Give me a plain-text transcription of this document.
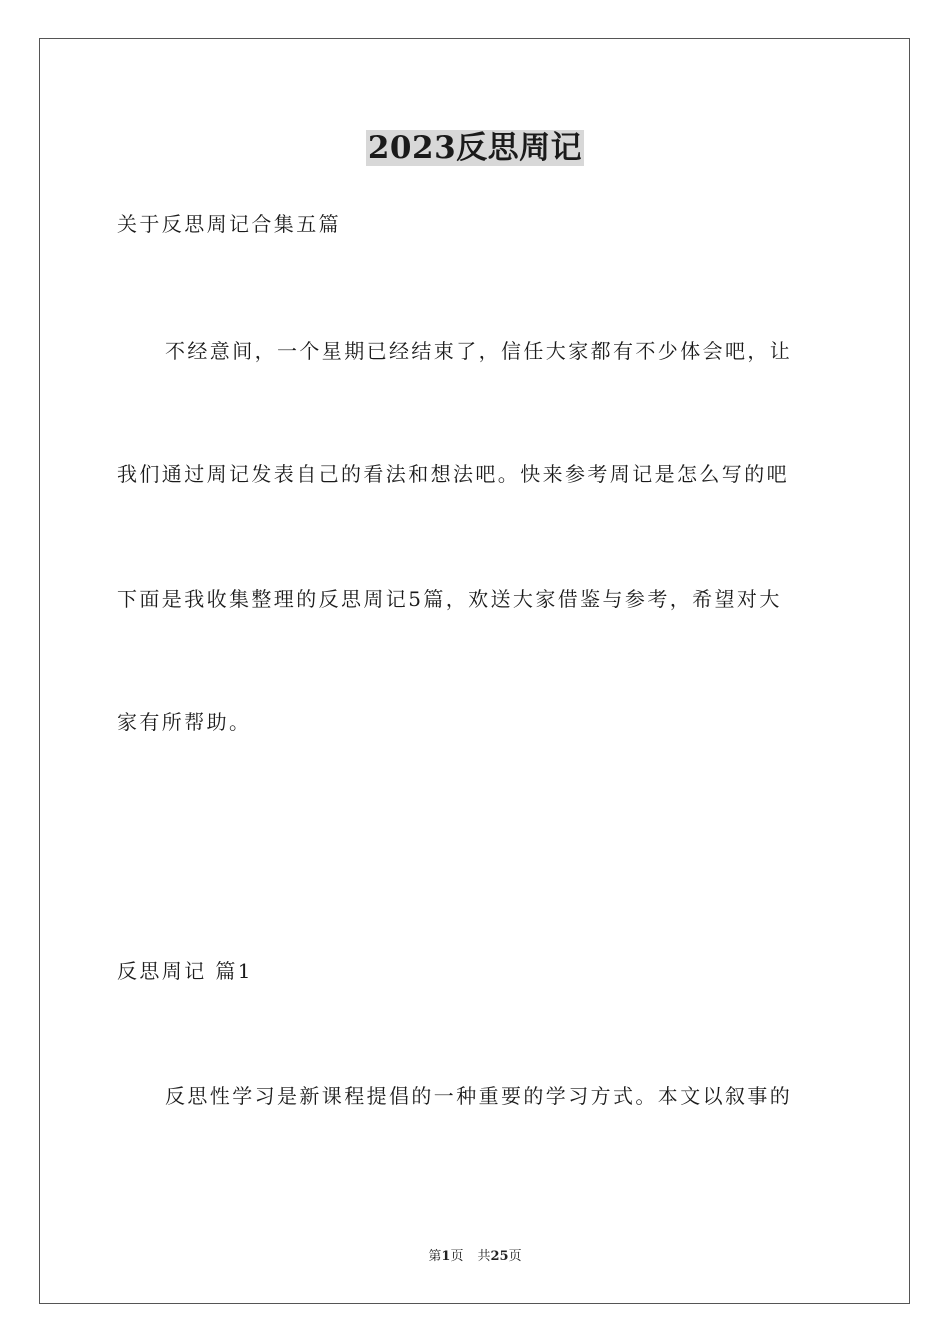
2023反思周记
关于反思周记合集五篇
不经意间，一个星期已经结束了，信任大家都有不少体会吧，让
我们通过周记发表自己的看法和想法吧。快来参考周记是怎么写的吧
下面是我收集整理的反思周记5篇，欢送大家借鉴与参考，希望对大
家有所帮助。
反思周记 篇1
反思性学习是新课程提倡的一种重要的学习方式。本文以叙事的
第1页 共25页
